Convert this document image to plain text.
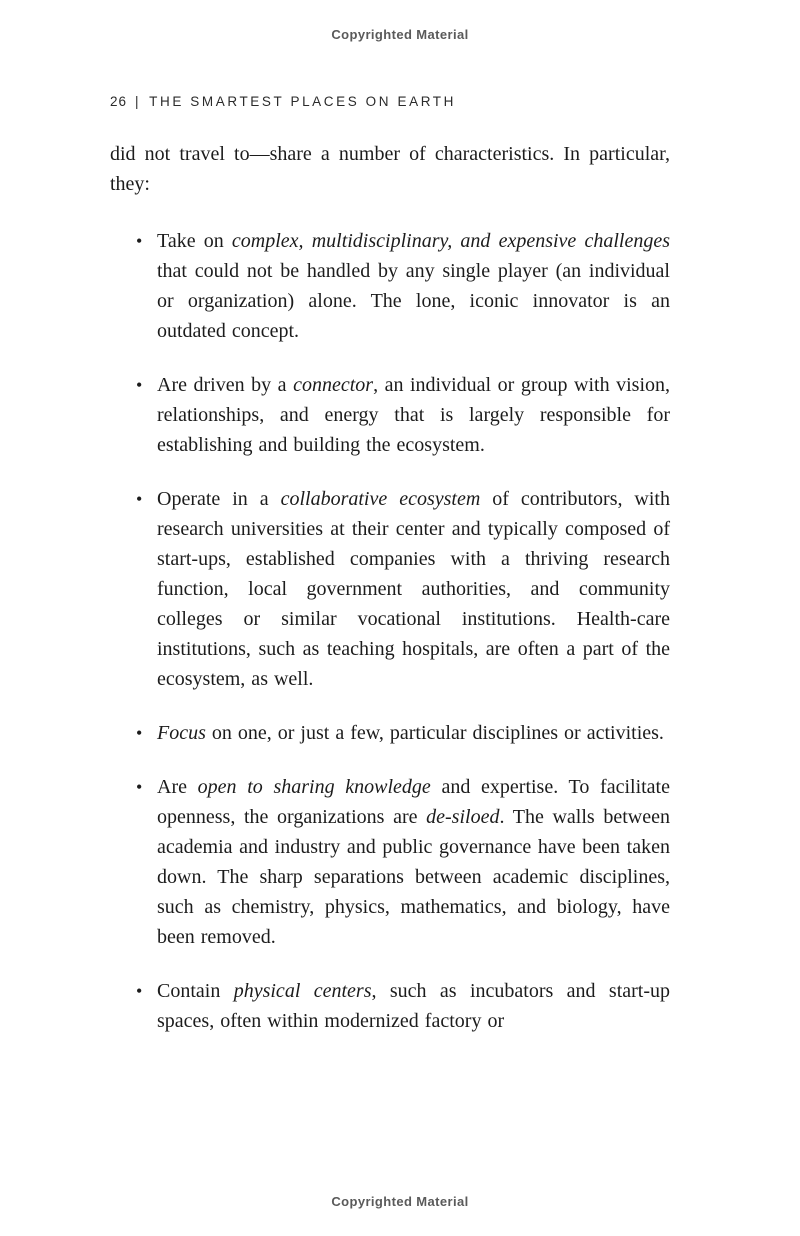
Copyrighted Material
26 | THE SMARTEST PLACES ON EARTH

did not travel to—share a number of characteristics. In particular, they:

• Take on complex, multidisciplinary, and expensive challenges that could not be handled by any single player (an individual or organization) alone. The lone, iconic innovator is an outdated concept.
• Are driven by a connector, an individual or group with vision, relationships, and energy that is largely responsible for establishing and building the ecosystem.
• Operate in a collaborative ecosystem of contributors, with research universities at their center and typically composed of start-ups, established companies with a thriving research function, local government authorities, and community colleges or similar vocational institutions. Health-care institutions, such as teaching hospitals, are often a part of the ecosystem, as well.
• Focus on one, or just a few, particular disciplines or activities.
• Are open to sharing knowledge and expertise. To facilitate openness, the organizations are de-siloed. The walls between academia and industry and public governance have been taken down. The sharp separations between academic disciplines, such as chemistry, physics, mathematics, and biology, have been removed.
• Contain physical centers, such as incubators and start-up spaces, often within modernized factory or
Copyrighted Material
